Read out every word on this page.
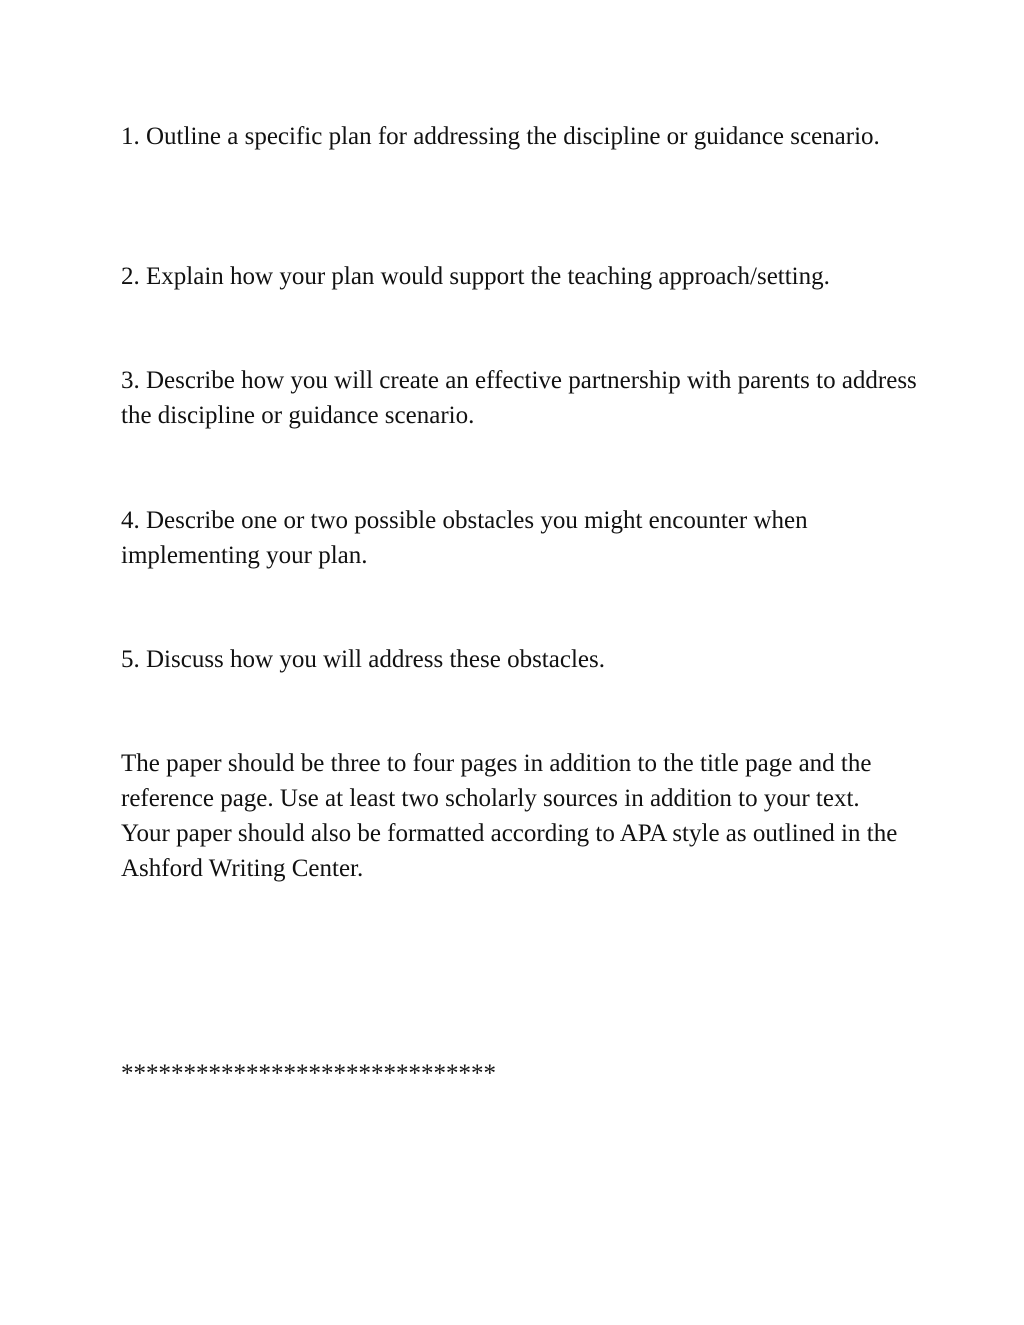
1. Outline a specific plan for addressing the discipline or guidance scenario.

2. Explain how your plan would support the teaching approach/setting.

3. Describe how you will create an effective partnership with parents to address the discipline or guidance scenario.

4. Describe one or two possible obstacles you might encounter when implementing your plan.

5. Discuss how you will address these obstacles.

The paper should be three to four pages in addition to the title page and the reference page. Use at least two scholarly sources in addition to your text. Your paper should also be formatted according to APA style as outlined in the Ashford Writing Center.

******************************
